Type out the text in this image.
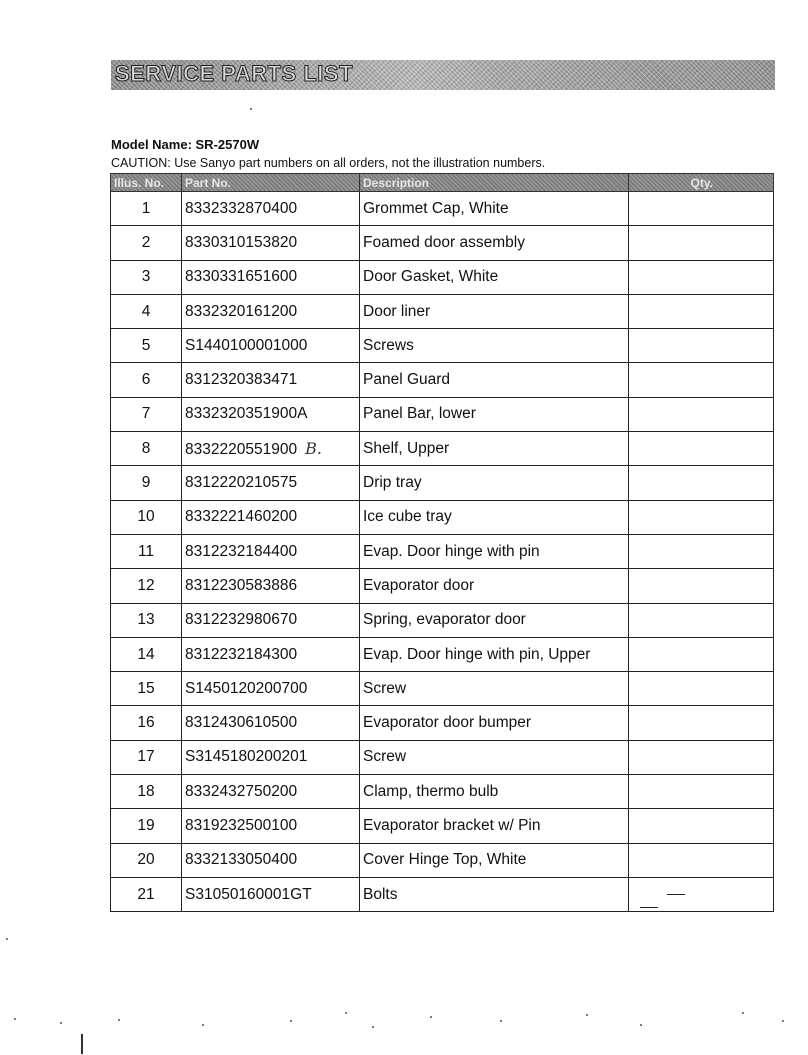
SERVICE PARTS LIST
Model Name: SR-2570W
CAUTION: Use Sanyo part numbers on all orders, not the illustration numbers.
Illus. No.	Part No.	Description	Qty.
1	8332332870400	Grommet Cap, White	
2	8330310153820	Foamed door assembly	
3	8330331651600	Door Gasket, White	
4	8332320161200	Door liner	
5	S1440100001000	Screws	
6	8312320383471	Panel Guard	
7	8332320351900A	Panel Bar, lower	
8	8332220551900 B.	Shelf, Upper	
9	8312220210575	Drip tray	
10	8332221460200	Ice cube tray	
11	8312232184400	Evap. Door hinge with pin	
12	8312230583886	Evaporator door	
13	8312232980670	Spring, evaporator door	
14	8312232184300	Evap. Door hinge with pin, Upper	
15	S1450120200700	Screw	
16	8312430610500	Evaporator door bumper	
17	S3145180200201	Screw	
18	8332432750200	Clamp, thermo bulb	
19	8319232500100	Evaporator bracket w/ Pin	
20	8332133050400	Cover Hinge Top, White	
21	S31050160001GT	Bolts	
